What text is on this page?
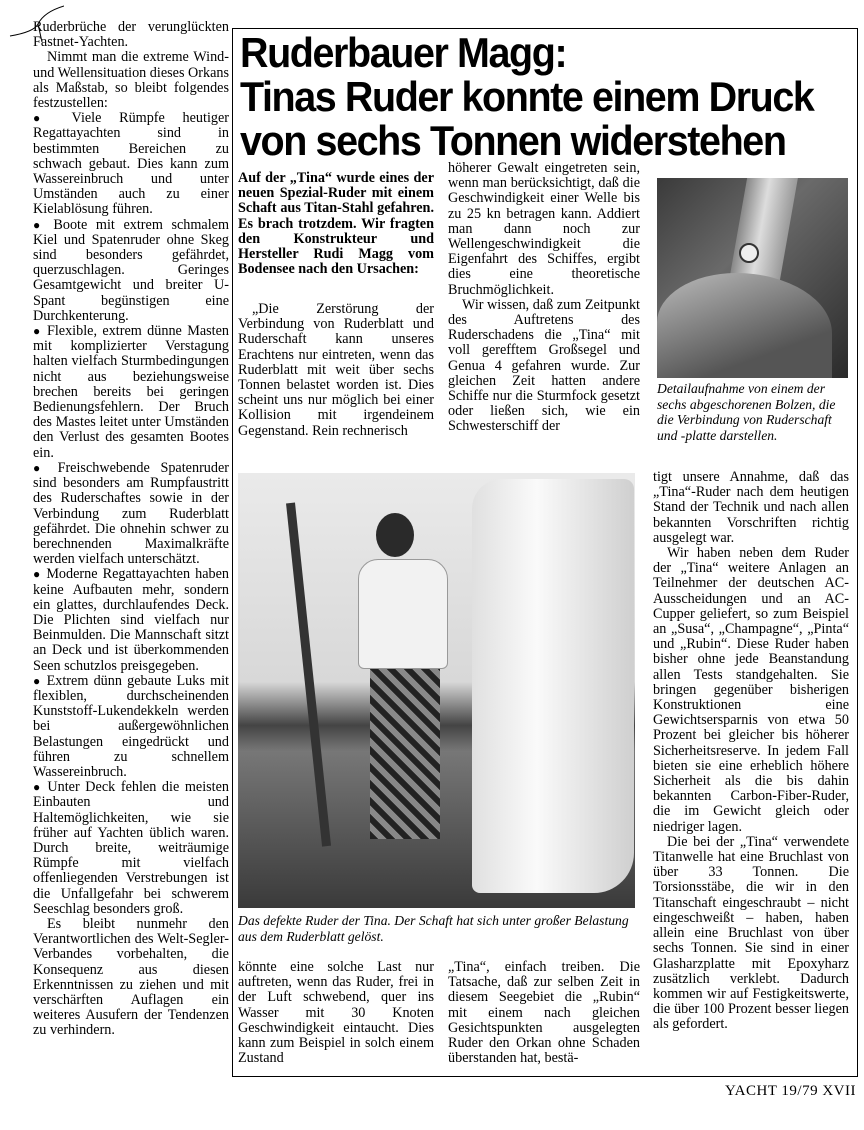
Ruderbrüche der verunglückten Fastnet-Yachten.

Nimmt man die extreme Wind- und Wellensituation dieses Orkans als Maßstab, so bleibt folgendes festzustellen:

● Viele Rümpfe heutiger Regattayachten sind in bestimmten Bereichen zu schwach gebaut. Dies kann zum Wassereinbruch und unter Umständen auch zu einer Kielablösung führen.

● Boote mit extrem schmalem Kiel und Spatenruder ohne Skeg sind besonders gefährdet, querzuschlagen. Geringes Gesamtgewicht und breiter U-Spant begünstigen eine Durchkenterung.

● Flexible, extrem dünne Masten mit komplizierter Verstagung halten vielfach Sturmbedingungen nicht aus beziehungsweise brechen bereits bei geringen Bedienungsfehlern. Der Bruch des Mastes leitet unter Umständen den Verlust des gesamten Bootes ein.

● Freischwebende Spatenruder sind besonders am Rumpfaustritt des Ruderschaftes sowie in der Verbindung zum Ruderblatt gefährdet. Die ohnehin schwer zu berechnenden Maximalkräfte werden vielfach unterschätzt.

● Moderne Regattayachten haben keine Aufbauten mehr, sondern ein glattes, durchlaufendes Deck. Die Plichten sind vielfach nur Beinmulden. Die Mannschaft sitzt an Deck und ist überkommenden Seen schutzlos preisgegeben.

● Extrem dünn gebaute Luks mit flexiblen, durchscheinenden Kunststoff-Lukendekkeln werden bei außergewöhnlichen Belastungen eingedrückt und führen zu schnellem Wassereinbruch.

● Unter Deck fehlen die meisten Einbauten und Haltemöglichkeiten, wie sie früher auf Yachten üblich waren. Durch breite, weiträumige Rümpfe mit vielfach offenliegenden Verstrebungen ist die Unfallgefahr bei schwerem Seeschlag besonders groß.

Es bleibt nunmehr den Verantwortlichen des Welt-Segler-Verbandes vorbehalten, die Konsequenz aus diesen Erkenntnissen zu ziehen und mit verschärften Auflagen ein weiteres Ausufern der Tendenzen zu verhindern.

Ruderbauer Magg:
Tinas Ruder konnte einem Druck
von sechs Tonnen widerstehen

Auf der „Tina“ wurde eines der neuen Spezial-Ruder mit einem Schaft aus Titan-Stahl gefahren. Es brach trotzdem. Wir fragten den Konstrukteur und Hersteller Rudi Magg vom Bodensee nach den Ursachen:

„Die Zerstörung der Verbindung von Ruderblatt und Ruderschaft kann unseres Erachtens nur eintreten, wenn das Ruderblatt mit weit über sechs Tonnen belastet worden ist. Dies scheint uns nur möglich bei einer Kollision mit irgendeinem Gegenstand. Rein rechnerisch

höherer Gewalt eingetreten sein, wenn man berücksichtigt, daß die Geschwindigkeit einer Welle bis zu 25 kn betragen kann. Addiert man dann noch zur Wellengeschwindigkeit die Eigenfahrt des Schiffes, ergibt dies eine theoretische Bruchmöglichkeit.

Wir wissen, daß zum Zeitpunkt des Auftretens des Ruderschadens die „Tina“ mit voll gerefftem Großsegel und Genua 4 gefahren wurde. Zur gleichen Zeit hatten andere Schiffe nur die Sturmfock gesetzt oder ließen sich, wie ein Schwesterschiff der

Detailaufnahme von einem der sechs abgeschorenen Bolzen, die die Verbindung von Ruderschaft und -platte darstellen.
Das defekte Ruder der Tina. Der Schaft hat sich unter großer Belastung aus dem Ruderblatt gelöst.

könnte eine solche Last nur auftreten, wenn das Ruder, frei in der Luft schwebend, quer ins Wasser mit 30 Knoten Geschwindigkeit eintaucht. Dies kann zum Beispiel in solch einem Zustand

„Tina“, einfach treiben. Die Tatsache, daß zur selben Zeit in diesem Seegebiet die „Rubin“ mit einem nach gleichen Gesichtspunkten ausgelegten Ruder den Orkan ohne Schaden überstanden hat, bestä-

tigt unsere Annahme, daß das „Tina“-Ruder nach dem heutigen Stand der Technik und nach allen bekannten Vorschriften richtig ausgelegt war.

Wir haben neben dem Ruder der „Tina“ weitere Anlagen an Teilnehmer der deutschen AC-Ausscheidungen und an AC-Cupper geliefert, so zum Beispiel an „Susa“, „Champagne“, „Pinta“ und „Rubin“. Diese Ruder haben bisher ohne jede Beanstandung allen Tests standgehalten. Sie bringen gegenüber bisherigen Konstruktionen eine Gewichtsersparnis von etwa 50 Prozent bei gleicher bis höherer Sicherheitsreserve. In jedem Fall bieten sie eine erheblich höhere Sicherheit als die bis dahin bekannten Carbon-Fiber-Ruder, die im Gewicht gleich oder niedriger lagen.

Die bei der „Tina“ verwendete Titanwelle hat eine Bruchlast von über 33 Tonnen. Die Torsionsstäbe, die wir in den Titanschaft eingeschraubt – nicht eingeschweißt – haben, haben allein eine Bruchlast von über sechs Tonnen. Sie sind in einer Glasharzplatte mit Epoxyharz zusätzlich verklebt. Dadurch kommen wir auf Festigkeitswerte, die über 100 Prozent besser liegen als gefordert.

YACHT 19/79 XVII
